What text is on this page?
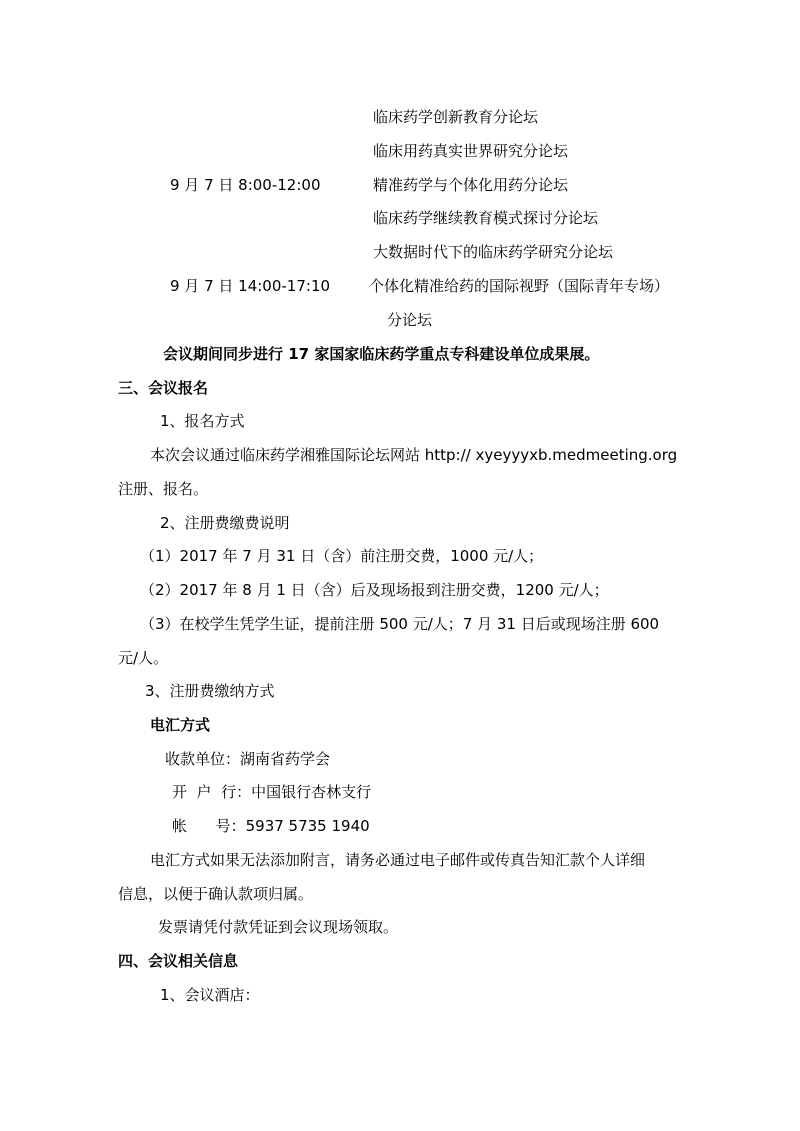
临床药学创新教育分论坛
临床用药真实世界研究分论坛
9 月 7 日 8:00-12:00	精准药学与个体化用药分论坛
临床药学继续教育模式探讨分论坛
大数据时代下的临床药学研究分论坛
9 月 7 日 14:00-17:10	个体化精准给药的国际视野（国际青年专场）
分论坛
会议期间同步进行 17 家国家临床药学重点专科建设单位成果展。
三、会议报名
1、报名方式
本次会议通过临床药学湘雅国际论坛网站 http:// xyeyyyxb.medmeeting.org
注册、报名。
2、注册费缴费说明
（1）2017 年 7 月 31 日（含）前注册交费，1000 元/人；
（2）2017 年 8 月 1 日（含）后及现场报到注册交费，1200 元/人；
（3）在校学生凭学生证，提前注册 500 元/人；7 月 31 日后或现场注册 600
元/人。
3、注册费缴纳方式
电汇方式
收款单位：湖南省药学会
开  户  行：中国银行杏林支行
帐      号：5937 5735 1940
电汇方式如果无法添加附言，请务必通过电子邮件或传真告知汇款个人详细
信息，以便于确认款项归属。
发票请凭付款凭证到会议现场领取。
四、会议相关信息
1、会议酒店：
